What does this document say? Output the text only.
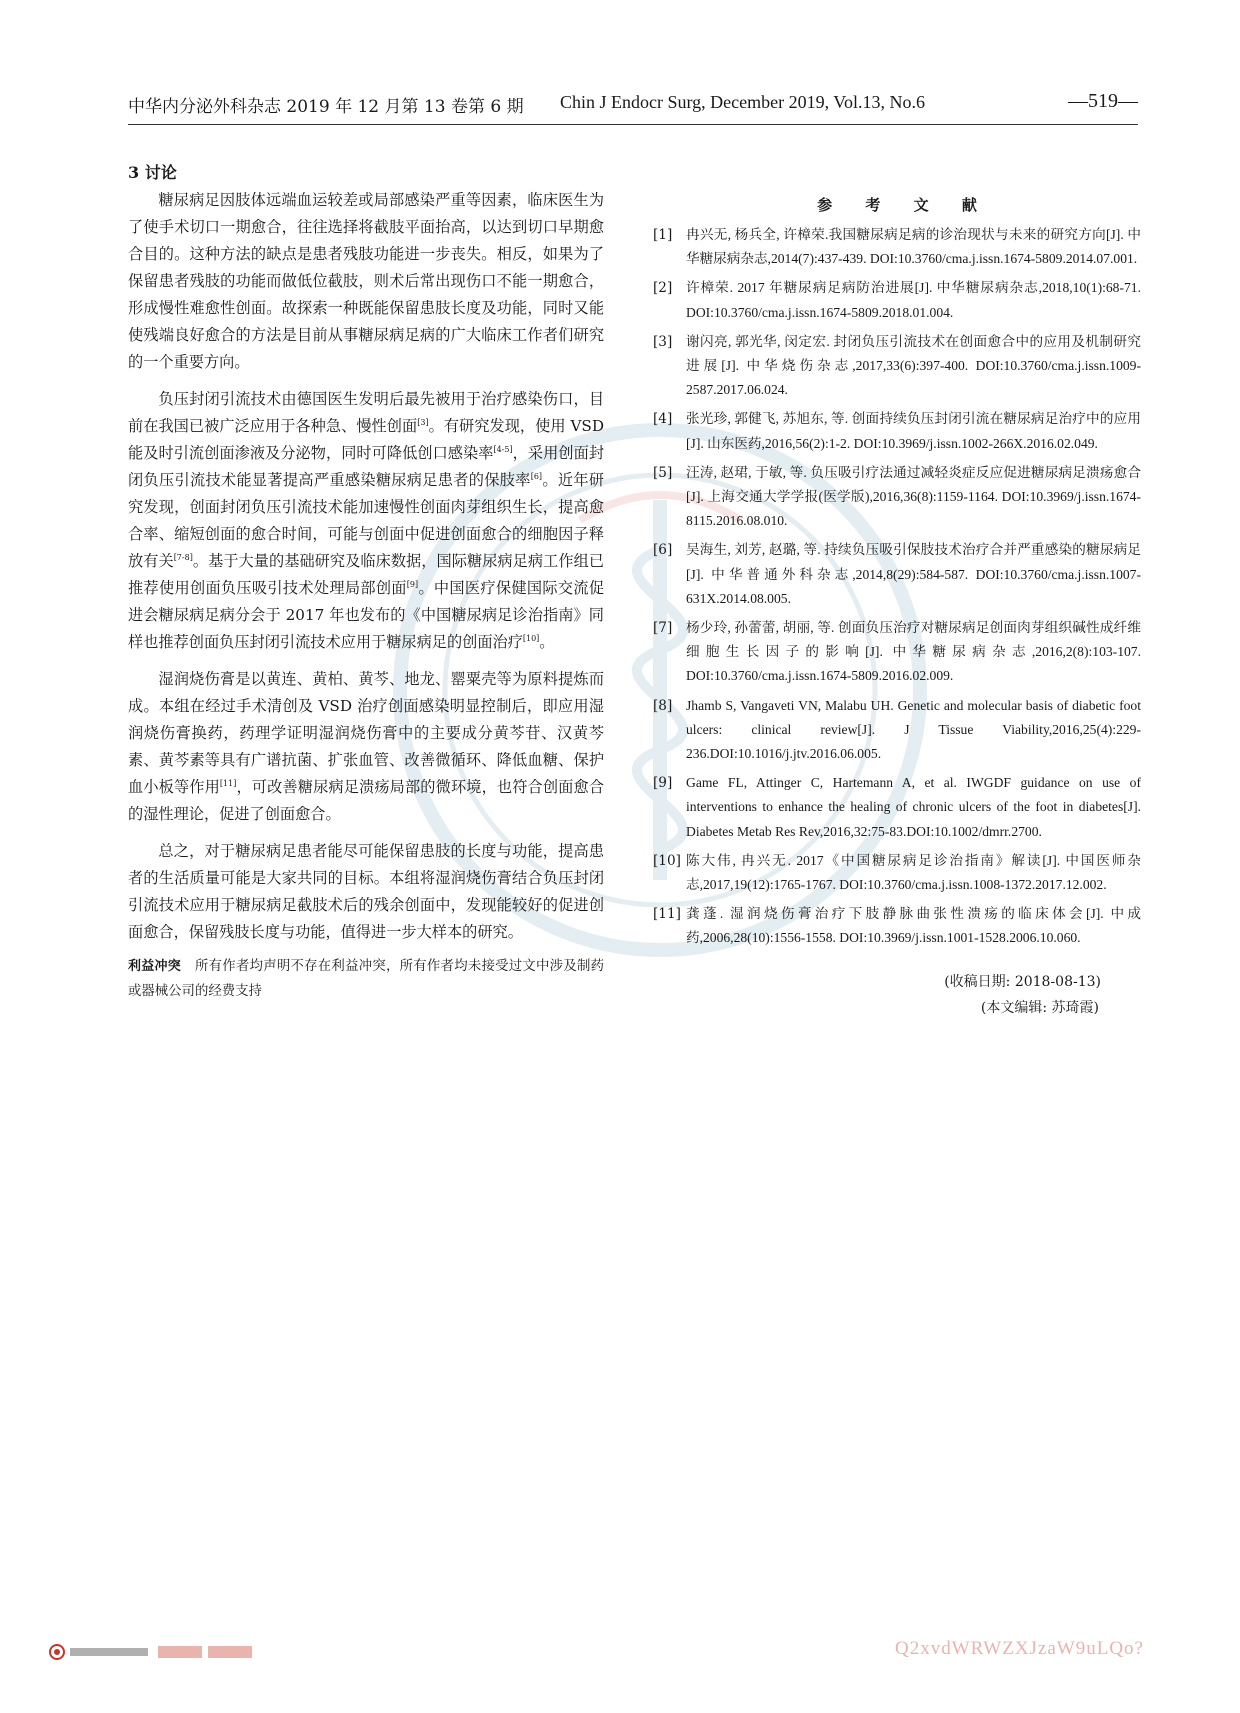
中华内分泌外科杂志 2019 年 12 月第 13 卷第 6 期 Chin J Endocr Surg, December 2019, Vol.13, No.6	—519—
3 讨论

糖尿病足因肢体远端血运较差或局部感染严重等因素，临床医生为了使手术切口一期愈合，往往选择将截肢平面抬高，以达到切口早期愈合目的。这种方法的缺点是患者残肢功能进一步丧失。相反，如果为了保留患者残肢的功能而做低位截肢，则术后常出现伤口不能一期愈合，形成慢性难愈性创面。故探索一种既能保留患肢长度及功能，同时又能使残端良好愈合的方法是目前从事糖尿病足病的广大临床工作者们研究的一个重要方向。

负压封闭引流技术由德国医生发明后最先被用于治疗感染伤口，目前在我国已被广泛应用于各种急、慢性创面[3]。有研究发现，使用 VSD 能及时引流创面渗液及分泌物，同时可降低创口感染率[4-5]，采用创面封闭负压引流技术能显著提高严重感染糖尿病足患者的保肢率[6]。近年研究发现，创面封闭负压引流技术能加速慢性创面肉芽组织生长，提高愈合率、缩短创面的愈合时间，可能与创面中促进创面愈合的细胞因子释放有关[7-8]。基于大量的基础研究及临床数据，国际糖尿病足病工作组已推荐使用创面负压吸引技术处理局部创面[9]。中国医疗保健国际交流促进会糖尿病足病分会于 2017 年也发布的《中国糖尿病足诊治指南》同样也推荐创面负压封闭引流技术应用于糖尿病足的创面治疗[10]。

湿润烧伤膏是以黄连、黄柏、黄芩、地龙、罂粟壳等为原料提炼而成。本组在经过手术清创及 VSD 治疗创面感染明显控制后，即应用湿润烧伤膏换药，药理学证明湿润烧伤膏中的主要成分黄芩苷、汉黄芩素、黄芩素等具有广谱抗菌、扩张血管、改善微循环、降低血糖、保护血小板等作用[11]，可改善糖尿病足溃疡局部的微环境，也符合创面愈合的湿性理论，促进了创面愈合。

总之，对于糖尿病足患者能尽可能保留患肢的长度与功能，提高患者的生活质量可能是大家共同的目标。本组将湿润烧伤膏结合负压封闭引流技术应用于糖尿病足截肢术后的残余创面中，发现能较好的促进创面愈合，保留残肢长度与功能，值得进一步大样本的研究。

利益冲突 所有作者均声明不存在利益冲突，所有作者均未接受过文中涉及制药或器械公司的经费支持
参 考 文 献
[1] 冉兴无, 杨兵全, 许樟荣.我国糖尿病足病的诊治现状与未来的研究方向[J]. 中华糖尿病杂志,2014(7):437-439. DOI:10.3760/cma.j.issn.1674-5809.2014.07.001.
[2] 许樟荣. 2017 年糖尿病足病防治进展[J]. 中华糖尿病杂志,2018,10(1):68-71. DOI:10.3760/cma.j.issn.1674-5809.2018.01.004.
[3] 谢闪亮, 郭光华, 闵定宏. 封闭负压引流技术在创面愈合中的应用及机制研究进展[J]. 中华烧伤杂志,2017,33(6):397-400. DOI:10.3760/cma.j.issn.1009-2587.2017.06.024.
[4] 张光珍, 郭健飞, 苏旭东, 等. 创面持续负压封闭引流在糖尿病足治疗中的应用[J]. 山东医药,2016,56(2):1-2. DOI:10.3969/j.issn.1002-266X.2016.02.049.
[5] 汪涛, 赵珺, 于敏, 等. 负压吸引疗法通过减轻炎症反应促进糖尿病足溃疡愈合[J]. 上海交通大学学报(医学版),2016,36(8):1159-1164. DOI:10.3969/j.issn.1674-8115.2016.08.010.
[6] 吴海生, 刘芳, 赵璐, 等. 持续负压吸引保肢技术治疗合并严重感染的糖尿病足[J]. 中华普通外科杂志,2014,8(29):584-587. DOI:10.3760/cma.j.issn.1007-631X.2014.08.005.
[7] 杨少玲, 孙蕾蕾, 胡丽, 等. 创面负压治疗对糖尿病足创面肉芽组织碱性成纤维细胞生长因子的影响[J]. 中华糖尿病杂志,2016,2(8):103-107. DOI:10.3760/cma.j.issn.1674-5809.2016.02.009.
[8] Jhamb S, Vangaveti VN, Malabu UH. Genetic and molecular basis of diabetic foot ulcers: clinical review[J]. J Tissue Viability,2016,25(4):229-236.DOI:10.1016/j.jtv.2016.06.005.
[9] Game FL, Attinger C, Hartemann A, et al. IWGDF guidance on use of interventions to enhance the healing of chronic ulcers of the foot in diabetes[J]. Diabetes Metab Res Rev,2016,32:75-83.DOI:10.1002/dmrr.2700.
[10] 陈大伟, 冉兴无. 2017《中国糖尿病足诊治指南》解读[J]. 中国医师杂志,2017,19(12):1765-1767. DOI:10.3760/cma.j.issn.1008-1372.2017.12.002.
[11] 龚蓬. 湿润烧伤膏治疗下肢静脉曲张性溃疡的临床体会[J]. 中成药,2006,28(10):1556-1558. DOI:10.3969/j.issn.1001-1528.2006.10.060.
(收稿日期: 2018-08-13)
(本文编辑: 苏琦霞)
Q2xvdWRWZXJzaW9uLQo?
